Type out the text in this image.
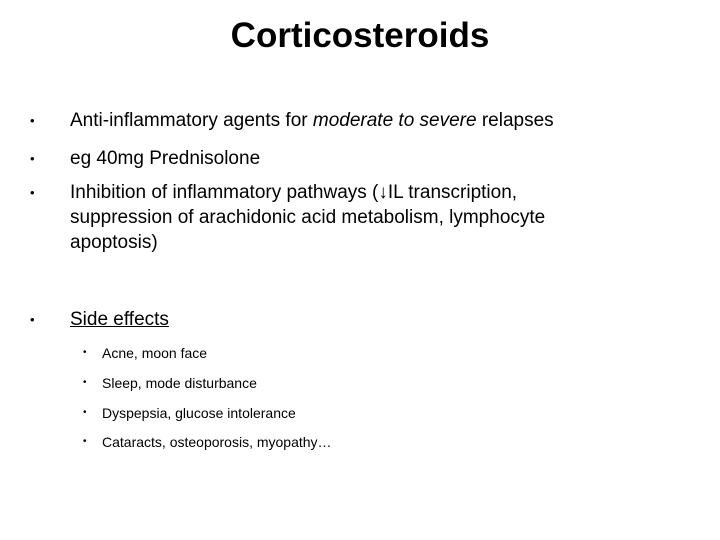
Corticosteroids
•	Anti-inflammatory agents for moderate to severe relapses
•	eg 40mg Prednisolone
•	Inhibition of inflammatory pathways (↓IL transcription, suppression of arachidonic acid metabolism, lymphocyte apoptosis)
•	Side effects
•	Acne, moon face
•	Sleep, mode disturbance
•	Dyspepsia, glucose intolerance
•	Cataracts, osteoporosis, myopathy…
